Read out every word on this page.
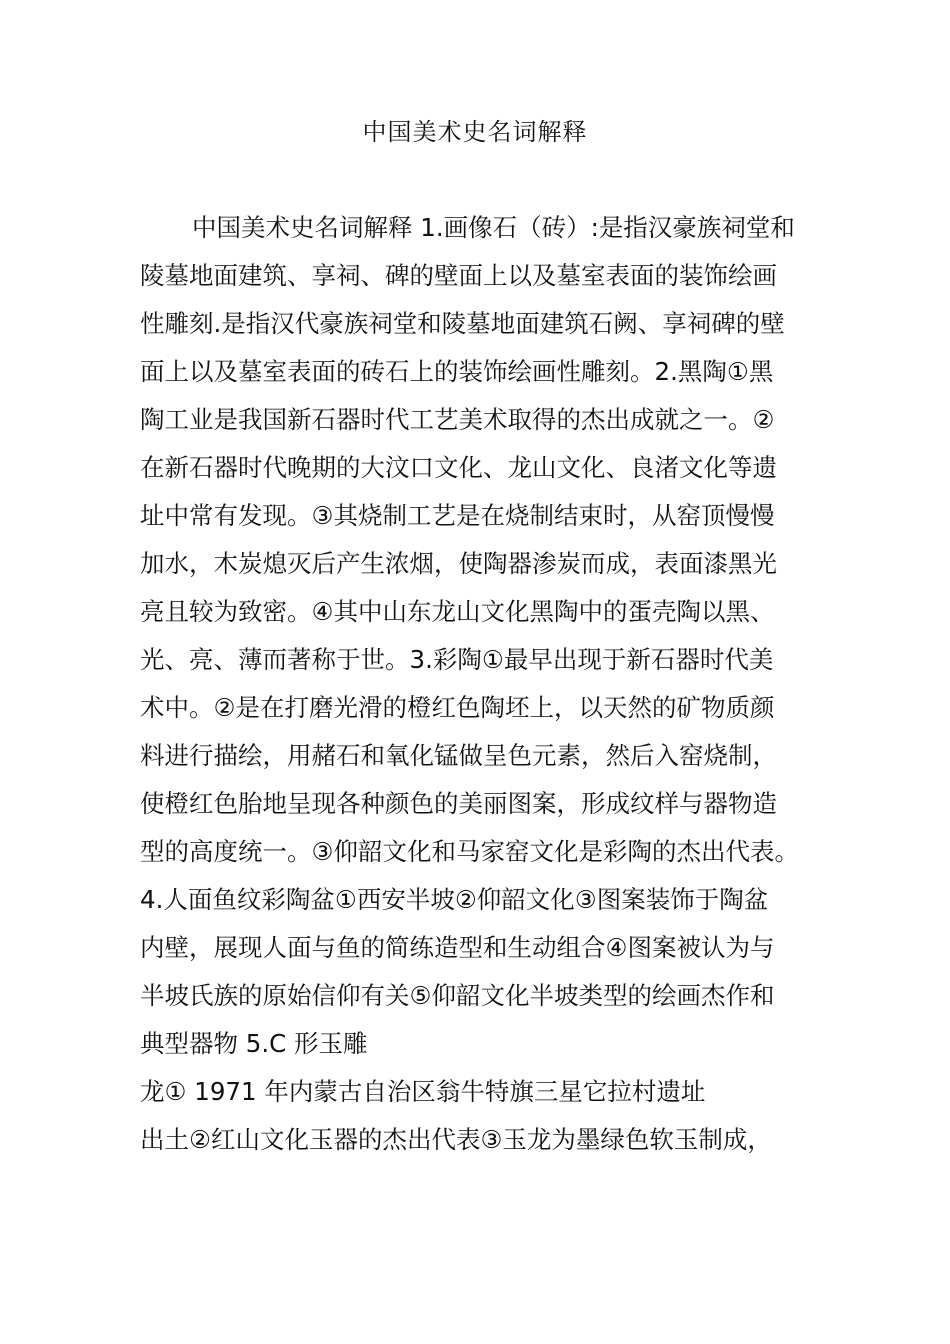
中国美术史名词解释
中国美术史名词解释 1.画像石（砖）:是指汉豪族祠堂和
陵墓地面建筑、享祠、碑的壁面上以及墓室表面的装饰绘画
性雕刻.是指汉代豪族祠堂和陵墓地面建筑石阙、享祠碑的壁
面上以及墓室表面的砖石上的装饰绘画性雕刻。2.黑陶①黑
陶工业是我国新石器时代工艺美术取得的杰出成就之一。②
在新石器时代晚期的大汶口文化、龙山文化、良渚文化等遗
址中常有发现。③其烧制工艺是在烧制结束时，从窑顶慢慢
加水，木炭熄灭后产生浓烟，使陶器渗炭而成，表面漆黑光
亮且较为致密。④其中山东龙山文化黑陶中的蛋壳陶以黑、
光、亮、薄而著称于世。3.彩陶①最早出现于新石器时代美
术中。②是在打磨光滑的橙红色陶坯上，以天然的矿物质颜
料进行描绘，用赭石和氧化锰做呈色元素，然后入窑烧制，
使橙红色胎地呈现各种颜色的美丽图案，形成纹样与器物造
型的高度统一。③仰韶文化和马家窑文化是彩陶的杰出代表。
4.人面鱼纹彩陶盆①西安半坡②仰韶文化③图案装饰于陶盆
内壁，展现人面与鱼的简练造型和生动组合④图案被认为与
半坡氏族的原始信仰有关⑤仰韶文化半坡类型的绘画杰作和
典型器物 5.C 形玉雕
龙① 1971 年内蒙古自治区翁牛特旗三星它拉村遗址
出土②红山文化玉器的杰出代表③玉龙为墨绿色软玉制成，
